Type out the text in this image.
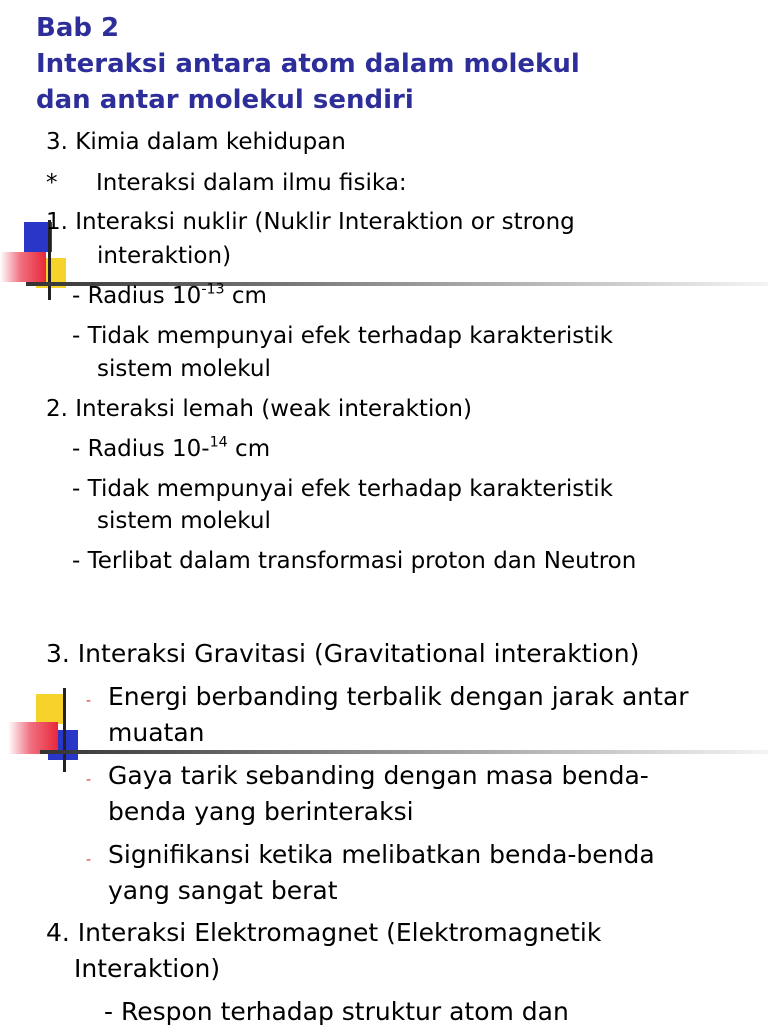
Bab 2
Interaksi antara atom dalam molekul
dan antar molekul sendiri
3. Kimia dalam kehidupan
* Interaksi dalam ilmu fisika:
1. Interaksi nuklir (Nuklir Interaktion or strong
interaktion)
- Radius $10^{-13}$ cm
- Tidak mempunyai efek terhadap karakteristik
sistem molekul
2. Interaksi lemah (weak interaktion)
- Radius 10-$^{14}$ cm
- Tidak mempunyai efek terhadap karakteristik
sistem molekul
- Terlibat dalam transformasi proton dan Neutron
3. Interaksi Gravitasi (Gravitational interaktion)
- Energi berbanding terbalik dengan jarak antar
muatan
- Gaya tarik sebanding dengan masa benda-
benda yang berinteraksi
- Signifikansi ketika melibatkan benda-benda
yang sangat berat
4. Interaksi Elektromagnet (Elektromagnetik
Interaktion)
- Respon terhadap struktur atom dan
